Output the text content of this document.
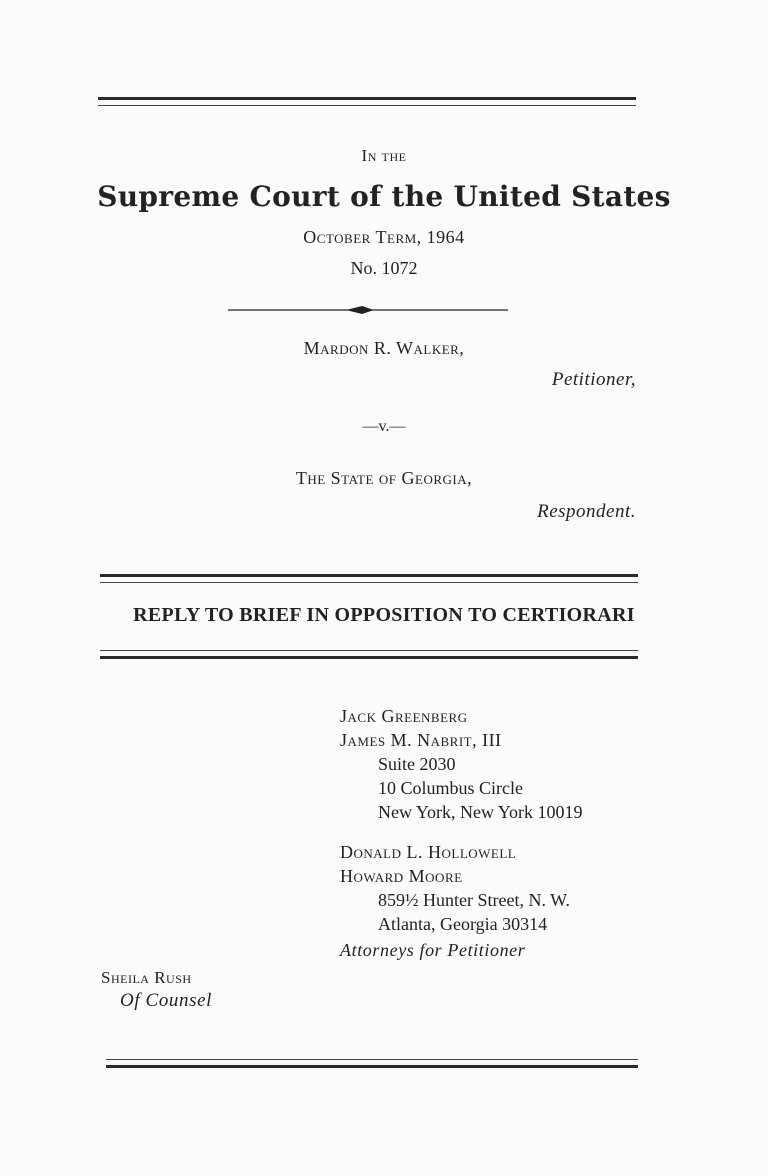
In the
Supreme Court of the United States
October Term, 1964
No. 1072
Mardon R. Walker,
Petitioner,
—v.—
The State of Georgia,
Respondent.
REPLY TO BRIEF IN OPPOSITION TO CERTIORARI
Jack Greenberg
James M. Nabrit, III
Suite 2030
10 Columbus Circle
New York, New York 10019
Donald L. Hollowell
Howard Moore
859½ Hunter Street, N. W.
Atlanta, Georgia 30314
Attorneys for Petitioner
Sheila Rush
Of Counsel
